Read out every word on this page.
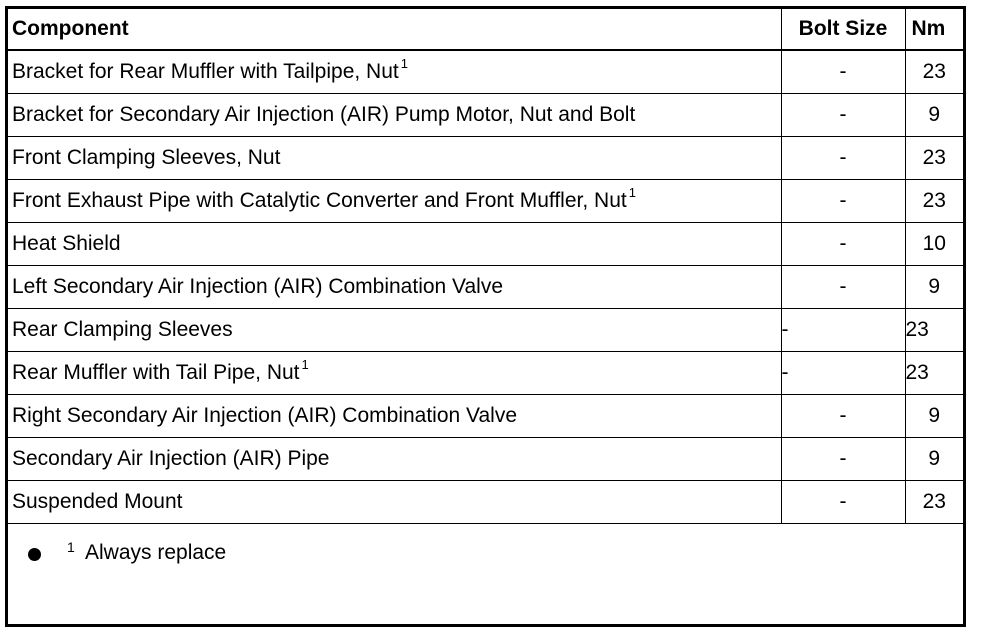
Component	Bolt Size	Nm
Bracket for Rear Muffler with Tailpipe, Nut $^1$	-	23
Bracket for Secondary Air Injection (AIR) Pump Motor, Nut and Bolt	-	9
Front Clamping Sleeves, Nut	-	23
Front Exhaust Pipe with Catalytic Converter and Front Muffler, Nut $^1$	-	23
Heat Shield	-	10
Left Secondary Air Injection (AIR) Combination Valve	-	9
Rear Clamping Sleeves	-	23
Rear Muffler with Tail Pipe, Nut $^1$	-	23
Right Secondary Air Injection (AIR) Combination Valve	-	9
Secondary Air Injection (AIR) Pipe	-	9
Suspended Mount	-	23
1 Always replace
